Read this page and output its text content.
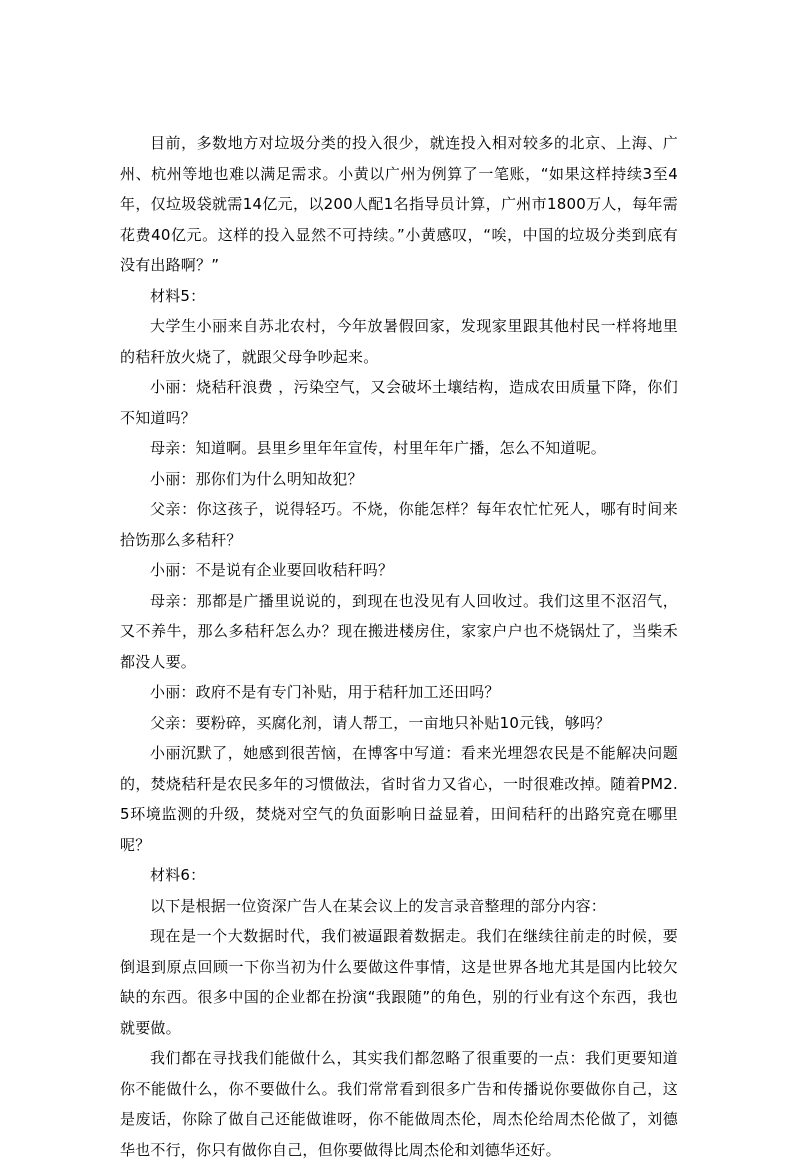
目前，多数地方对垃圾分类的投入很少，就连投入相对较多的北京、上海、广州、杭州等地也难以满足需求。小黄以广州为例算了一笔账，“如果这样持续3至4年，仅垃圾袋就需14亿元，以200人配1名指导员计算，广州市1800万人，每年需花费40亿元。这样的投入显然不可持续。”小黄感叹，“唉，中国的垃圾分类到底有没有出路啊？”

材料5：

大学生小丽来自苏北农村，今年放暑假回家，发现家里跟其他村民一样将地里的秸秆放火烧了，就跟父母争吵起来。

小丽：烧秸秆浪费 ，污染空气，又会破坏土壤结构，造成农田质量下降，你们不知道吗？

母亲：知道啊。县里乡里年年宣传，村里年年广播，怎么不知道呢。

小丽：那你们为什么明知故犯？

父亲：你这孩子，说得轻巧。不烧，你能怎样？每年农忙忙死人，哪有时间来拾饬那么多秸秆？

小丽：不是说有企业要回收秸秆吗？

母亲：那都是广播里说说的，到现在也没见有人回收过。我们这里不沤沼气，又不养牛，那么多秸秆怎么办？现在搬进楼房住，家家户户也不烧锅灶了，当柴禾都没人要。

小丽：政府不是有专门补贴，用于秸秆加工还田吗？

父亲：要粉碎，买腐化剂，请人帮工，一亩地只补贴10元钱，够吗？

小丽沉默了，她感到很苦恼，在博客中写道：看来光埋怨农民是不能解决问题的，焚烧秸秆是农民多年的习惯做法，省时省力又省心，一时很难改掉。随着PM2.5环境监测的升级，焚烧对空气的负面影响日益显着，田间秸秆的出路究竟在哪里呢？

材料6：

以下是根据一位资深广告人在某会议上的发言录音整理的部分内容：

现在是一个大数据时代，我们被逼跟着数据走。我们在继续往前走的时候，要倒退到原点回顾一下你当初为什么要做这件事情，这是世界各地尤其是国内比较欠缺的东西。很多中国的企业都在扮演“我跟随”的角色，别的行业有这个东西，我也就要做。

我们都在寻找我们能做什么，其实我们都忽略了很重要的一点：我们更要知道你不能做什么，你不要做什么。我们常常看到很多广告和传播说你要做你自己，这是废话，你除了做自己还能做谁呀，你不能做周杰伦，周杰伦给周杰伦做了，刘德华也不行，你只有做你自己，但你要做得比周杰伦和刘德华还好。
